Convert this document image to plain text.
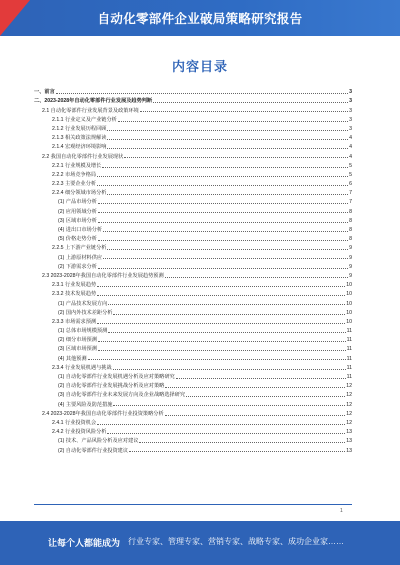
自动化零部件企业破局策略研究报告
内容目录
一、前言	3
二、2023-2028年自动化零部件行业发展及趋势判断	3
2.1 自动化零部件行业发展背景及政策环境	3
2.1.1 行业定义及产业链分析	3
2.1.2 行业发展历程回顾	3
2.1.3 相关政策法规解读	4
2.1.4 宏观经济环境影响	4
2.2 我国自动化零部件行业发展现状	4
2.2.1 行业规模及增长	5
2.2.2 市场竞争格局	5
2.2.3 主要企业分析	6
2.2.4 细分领域市场分析	7
(1) 产品市场分析	7
(2) 应用领域分析	8
(3) 区域市场分析	8
(4) 进出口市场分析	8
(5) 价格走势分析	8
2.2.5 上下游产业链分析	9
(1) 上游原材料供应	9
(2) 下游需求分析	9
2.3 2023-2028年我国自动化零部件行业发展趋势预测	9
2.3.1 行业发展趋势	10
2.3.2 技术发展趋势	10
(1) 产品技术发展方向	10
(2) 国内外技术差距分析	10
2.3.3 市场需求预测	10
(1) 总体市场规模预测	11
(2) 细分市场预测	11
(3) 区域市场预测	11
(4) 其他预测	11
2.3.4 行业发展机遇与挑战	11
(1) 自动化零部件行业发展机遇分析及应对策略研究	11
(2) 自动化零部件行业发展挑战分析及应对策略	12
(3) 自动化零部件行业未来发展方向及企业战略选择研究	12
(4) 主要风险及防范措施	12
2.4 2023-2028年我国自动化零部件行业投资策略分析	12
2.4.1 行业投资机会	12
2.4.2 行业投资风险分析	13
(1) 技术、产品风险分析及应对建议	13
(2) 自动化零部件行业投资建议	13
1
让每个人都能成为 行业专家、管理专家、营销专家、战略专家、成功企业家……
